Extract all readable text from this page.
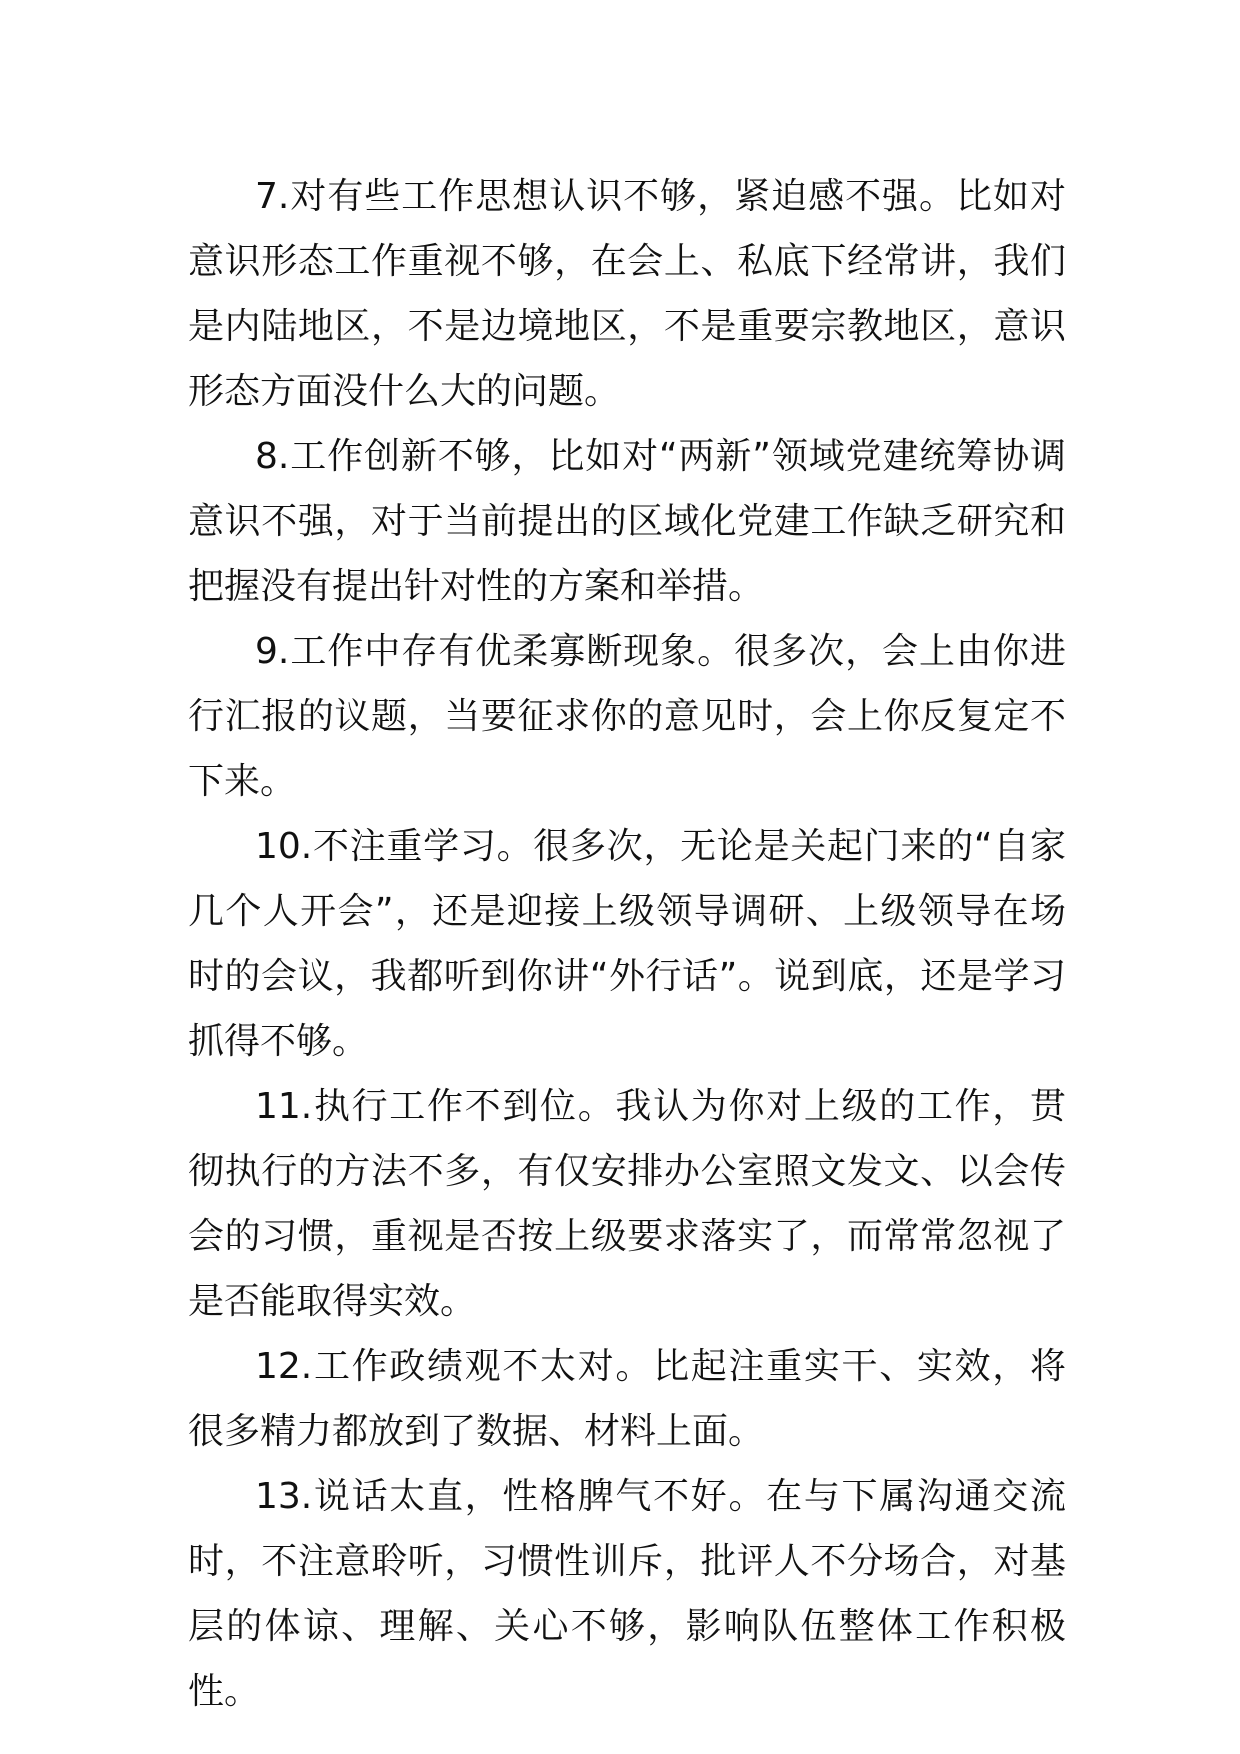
7.对有些工作思想认识不够，紧迫感不强。比如对意识形态工作重视不够，在会上、私底下经常讲，我们是内陆地区，不是边境地区，不是重要宗教地区，意识形态方面没什么大的问题。

8.工作创新不够，比如对“两新”领域党建统筹协调意识不强，对于当前提出的区域化党建工作缺乏研究和把握没有提出针对性的方案和举措。

9.工作中存有优柔寡断现象。很多次，会上由你进行汇报的议题，当要征求你的意见时，会上你反复定不下来。

10.不注重学习。很多次，无论是关起门来的“自家几个人开会”，还是迎接上级领导调研、上级领导在场时的会议，我都听到你讲“外行话”。说到底，还是学习抓得不够。

11.执行工作不到位。我认为你对上级的工作，贯彻执行的方法不多，有仅安排办公室照文发文、以会传会的习惯，重视是否按上级要求落实了，而常常忽视了是否能取得实效。

12.工作政绩观不太对。比起注重实干、实效，将很多精力都放到了数据、材料上面。

13.说话太直，性格脾气不好。在与下属沟通交流时，不注意聆听，习惯性训斥，批评人不分场合，对基层的体谅、理解、关心不够，影响队伍整体工作积极性。
